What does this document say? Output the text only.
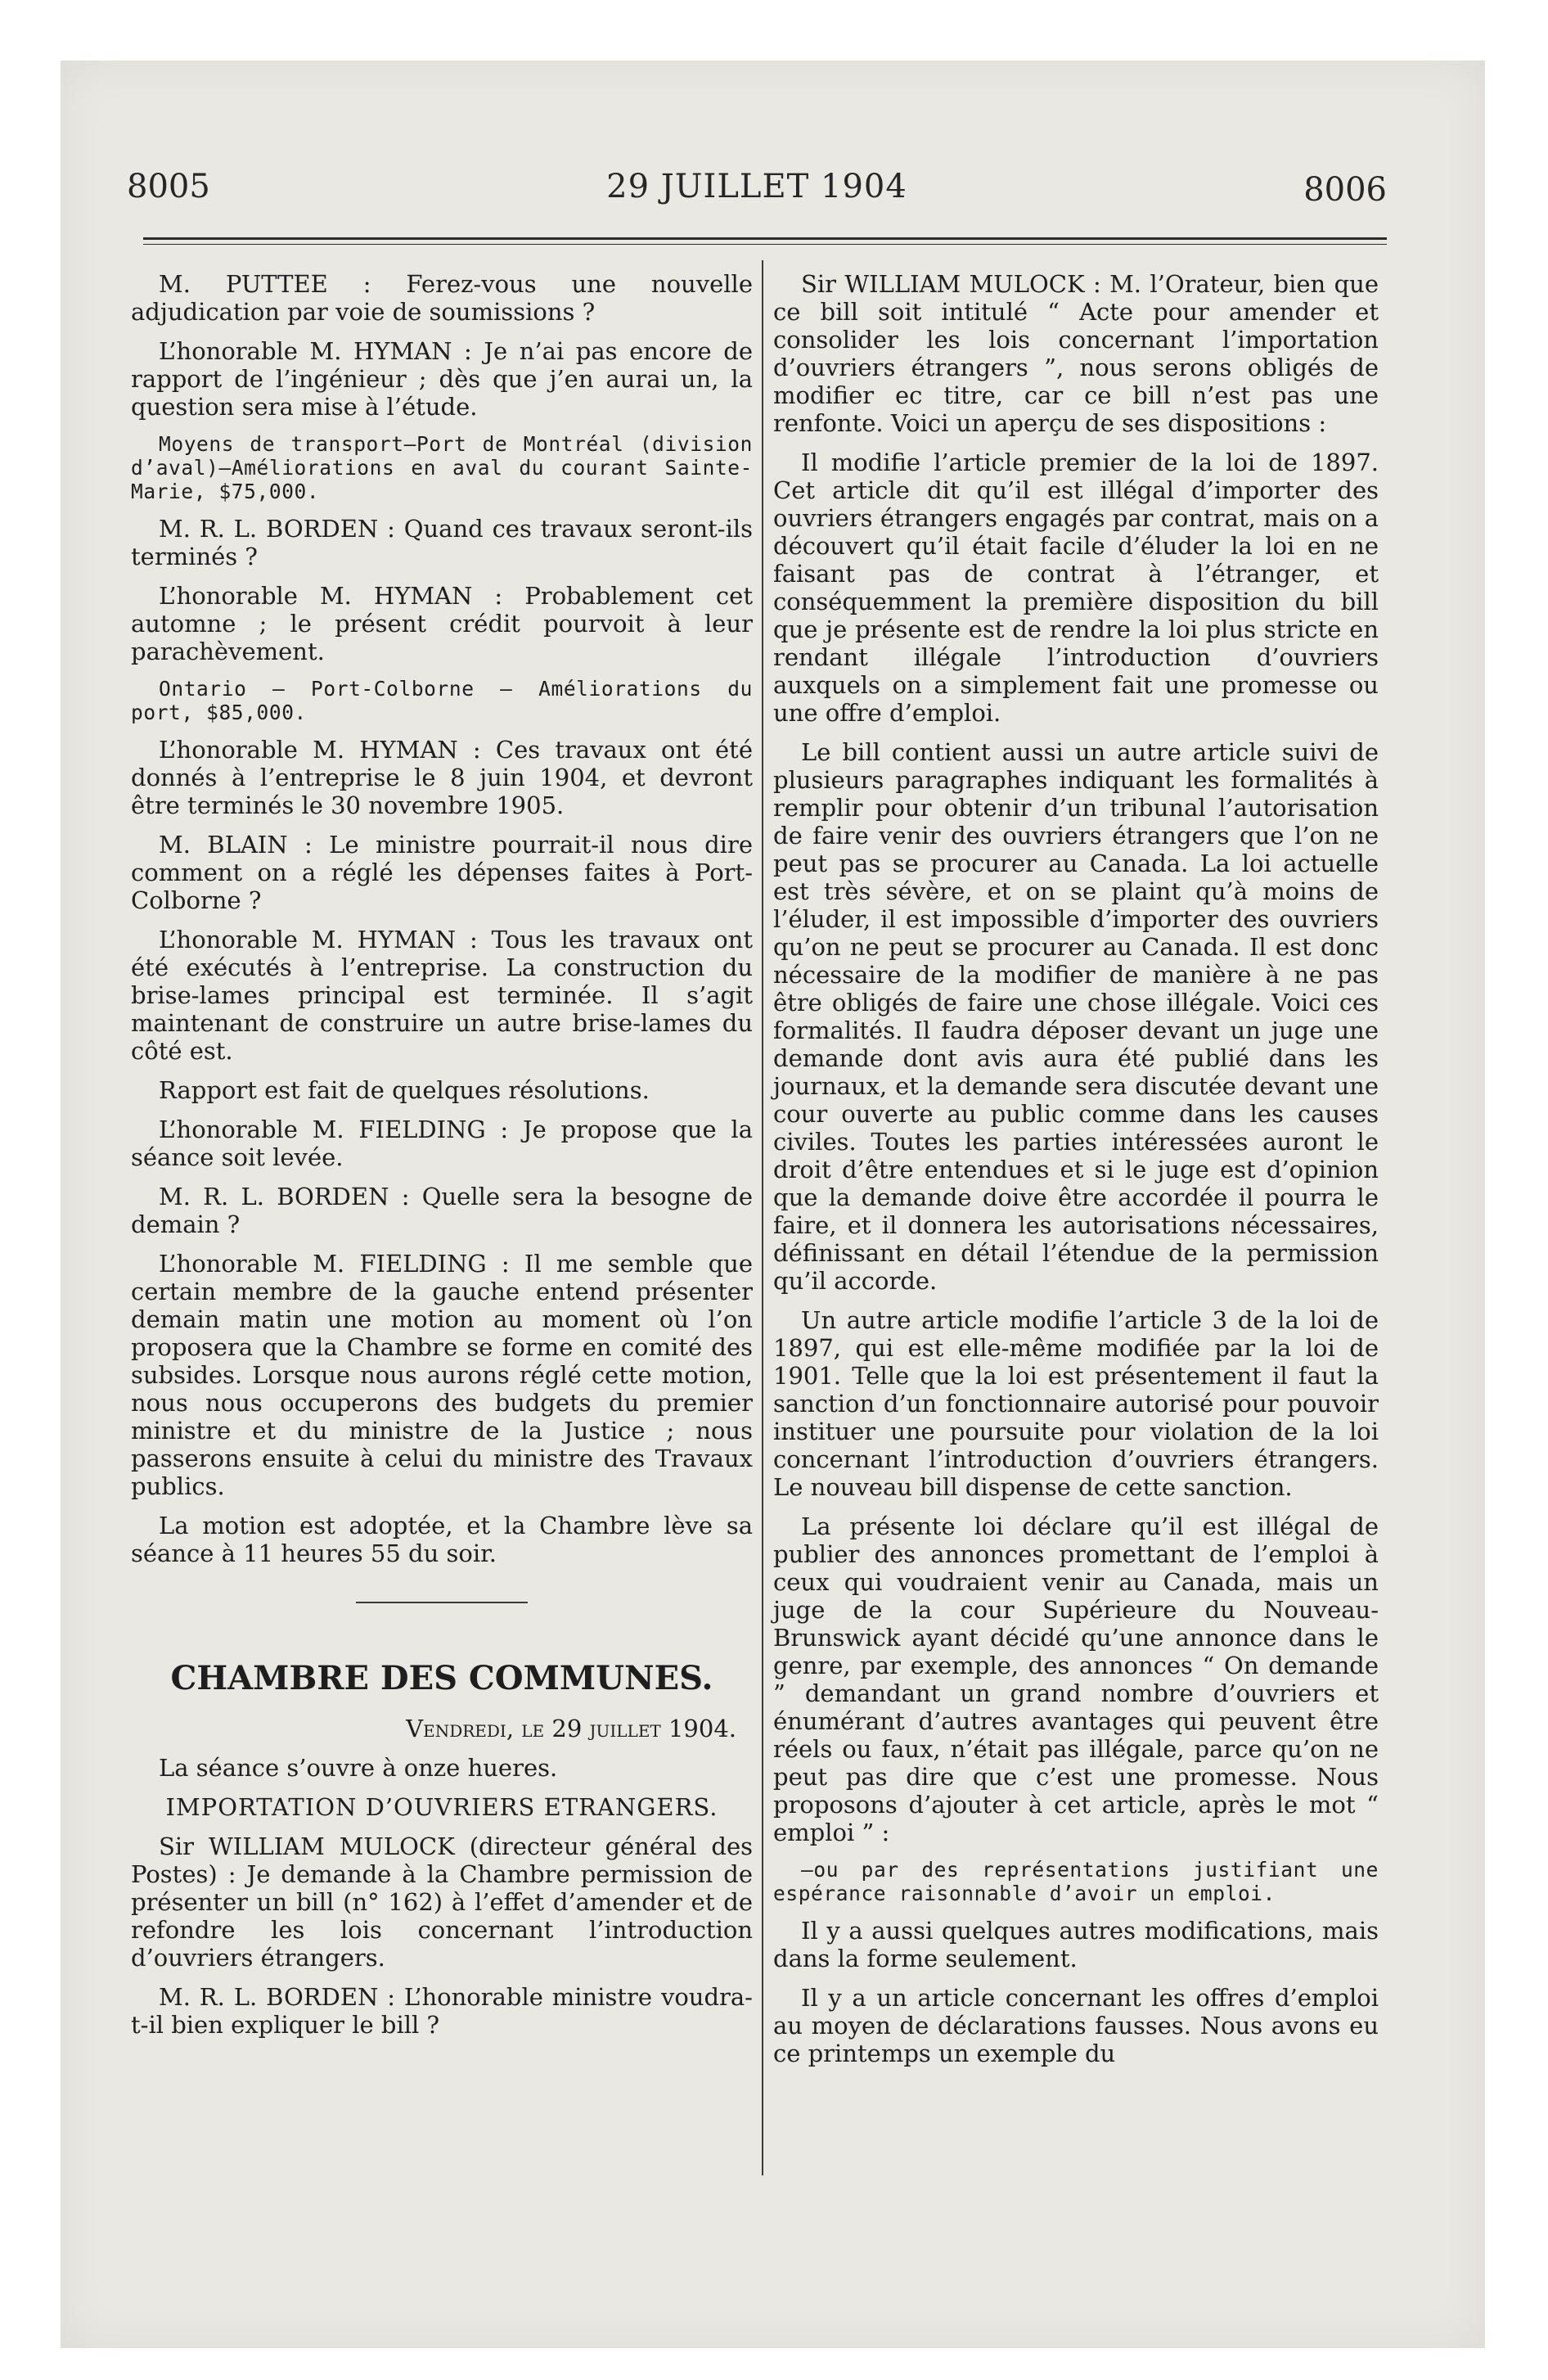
8005	29 JUILLET 1904	8006

M. PUTTEE : Ferez-vous une nouvelle adjudication par voie de soumissions ?

L’honorable M. HYMAN : Je n’ai pas encore de rapport de l’ingénieur ; dès que j’en aurai un, la question sera mise à l’étude.

Moyens de transport—Port de Montréal (division d’aval)—Améliorations en aval du courant Sainte-Marie, $75,000.

M. R. L. BORDEN : Quand ces travaux seront-ils terminés ?

L’honorable M. HYMAN : Probablement cet automne ; le présent crédit pourvoit à leur parachèvement.

Ontario — Port-Colborne — Améliorations du port, $85,000.

L’honorable M. HYMAN : Ces travaux ont été donnés à l’entreprise le 8 juin 1904, et devront être terminés le 30 novembre 1905.

M. BLAIN : Le ministre pourrait-il nous dire comment on a réglé les dépenses faites à Port-Colborne ?

L’honorable M. HYMAN : Tous les travaux ont été exécutés à l’entreprise. La construction du brise-lames principal est terminée. Il s’agit maintenant de construire un autre brise-lames du côté est.

Rapport est fait de quelques résolutions.

L’honorable M. FIELDING : Je propose que la séance soit levée.

M. R. L. BORDEN : Quelle sera la besogne de demain ?

L’honorable M. FIELDING : Il me semble que certain membre de la gauche entend présenter demain matin une motion au moment où l’on proposera que la Chambre se forme en comité des subsides. Lorsque nous aurons réglé cette motion, nous nous occuperons des budgets du premier ministre et du ministre de la Justice ; nous passerons ensuite à celui du ministre des Travaux publics.

La motion est adoptée, et la Chambre lève sa séance à 11 heures 55 du soir.

CHAMBRE DES COMMUNES.

Vendredi, le 29 juillet 1904.

La séance s’ouvre à onze hueres.

IMPORTATION D’OUVRIERS ETRANGERS.

Sir WILLIAM MULOCK (directeur général des Postes) : Je demande à la Chambre permission de présenter un bill (n° 162) à l’effet d’amender et de refondre les lois concernant l’introduction d’ouvriers étrangers.

M. R. L. BORDEN : L’honorable ministre voudra-t-il bien expliquer le bill ?

Sir WILLIAM MULOCK : M. l’Orateur, bien que ce bill soit intitulé “ Acte pour amender et consolider les lois concernant l’importation d’ouvriers étrangers ”, nous serons obligés de modifier ec titre, car ce bill n’est pas une renfonte. Voici un aperçu de ses dispositions :

Il modifie l’article premier de la loi de 1897. Cet article dit qu’il est illégal d’importer des ouvriers étrangers engagés par contrat, mais on a découvert qu’il était facile d’éluder la loi en ne faisant pas de contrat à l’étranger, et conséquemment la première disposition du bill que je présente est de rendre la loi plus stricte en rendant illégale l’introduction d’ouvriers auxquels on a simplement fait une promesse ou une offre d’emploi.

Le bill contient aussi un autre article suivi de plusieurs paragraphes indiquant les formalités à remplir pour obtenir d’un tribunal l’autorisation de faire venir des ouvriers étrangers que l’on ne peut pas se procurer au Canada. La loi actuelle est très sévère, et on se plaint qu’à moins de l’éluder, il est impossible d’importer des ouvriers qu’on ne peut se procurer au Canada. Il est donc nécessaire de la modifier de manière à ne pas être obligés de faire une chose illégale. Voici ces formalités. Il faudra déposer devant un juge une demande dont avis aura été publié dans les journaux, et la demande sera discutée devant une cour ouverte au public comme dans les causes civiles. Toutes les parties intéressées auront le droit d’être entendues et si le juge est d’opinion que la demande doive être accordée il pourra le faire, et il donnera les autorisations nécessaires, définissant en détail l’étendue de la permission qu’il accorde.

Un autre article modifie l’article 3 de la loi de 1897, qui est elle-même modifiée par la loi de 1901. Telle que la loi est présentement il faut la sanction d’un fonctionnaire autorisé pour pouvoir instituer une poursuite pour violation de la loi concernant l’introduction d’ouvriers étrangers. Le nouveau bill dispense de cette sanction.

La présente loi déclare qu’il est illégal de publier des annonces promettant de l’emploi à ceux qui voudraient venir au Canada, mais un juge de la cour Supérieure du Nouveau-Brunswick ayant décidé qu’une annonce dans le genre, par exemple, des annonces “ On demande ” demandant un grand nombre d’ouvriers et énumérant d’autres avantages qui peuvent être réels ou faux, n’était pas illégale, parce qu’on ne peut pas dire que c’est une promesse. Nous proposons d’ajouter à cet article, après le mot “ emploi ” :

—ou par des représentations justifiant une espérance raisonnable d’avoir un emploi.

Il y a aussi quelques autres modifications, mais dans la forme seulement.

Il y a un article concernant les offres d’emploi au moyen de déclarations fausses. Nous avons eu ce printemps un exemple du
